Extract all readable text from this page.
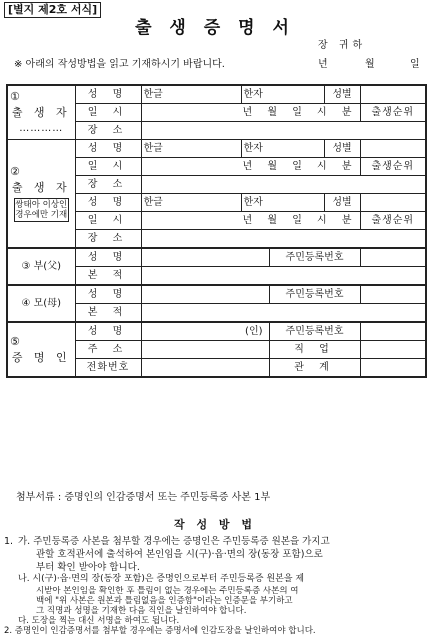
[별지 제2호 서식]
출 생 증 명 서
장 귀하
※ 아래의 작성방법을 읽고 기재하시기 바랍니다.	년	월	일
①
출 생 자
…………	성 명	한글	한자		성별	
	일 시	년 월 일 시 분				출생순위
	장 소					

②
출 생 자
쌍태아 이상인 경우에만 기재	성 명	한글	한자		성별	
	일 시	년 월 일 시 분				출생순위
	장 소					
	성 명	한글	한자		성별	
	일 시	년 월 일 시 분				출생순위
	장 소					
③ 부(父)	성 명			주민등록번호		
	본 적					
④ 모(母)	성 명			주민등록번호		
	본 적					

⑤
증 명 인	성 명	(인)		주민등록번호		
	주 소			직 업		
	전화번호			관 계		
첨부서류 : 증명인의 인감증명서 또는 주민등록증 사본 1부
작 성 방 법
1. 가. 주민등록증 사본을 첨부할 경우에는 증명인은 주민등록증 원본을 가지고
관할 호적관서에 출석하여 본인임을 시(구)·읍·면의 장(동장 포함)으로
부터 확인 받아야 합니다.
나. 시(구)·읍·면의 장(동장 포함)은 증명인으로부터 주민등록증 원본을 제
시받아 본인임을 확인한 후 틀림이 없는 경우에는 주민등록증 사본의 여
백에 "위 사본은 원본과 틀림없음을 인증함"이라는 인증문을 부기하고
그 직명과 성명을 기재한 다음 직인을 날인하여야 합니다.
다. 도장을 찍는 대신 서명을 하여도 됩니다.
2. 증명인이 인감증명서를 첨부할 경우에는 증명서에 인감도장을 날인하여야 합니다.
